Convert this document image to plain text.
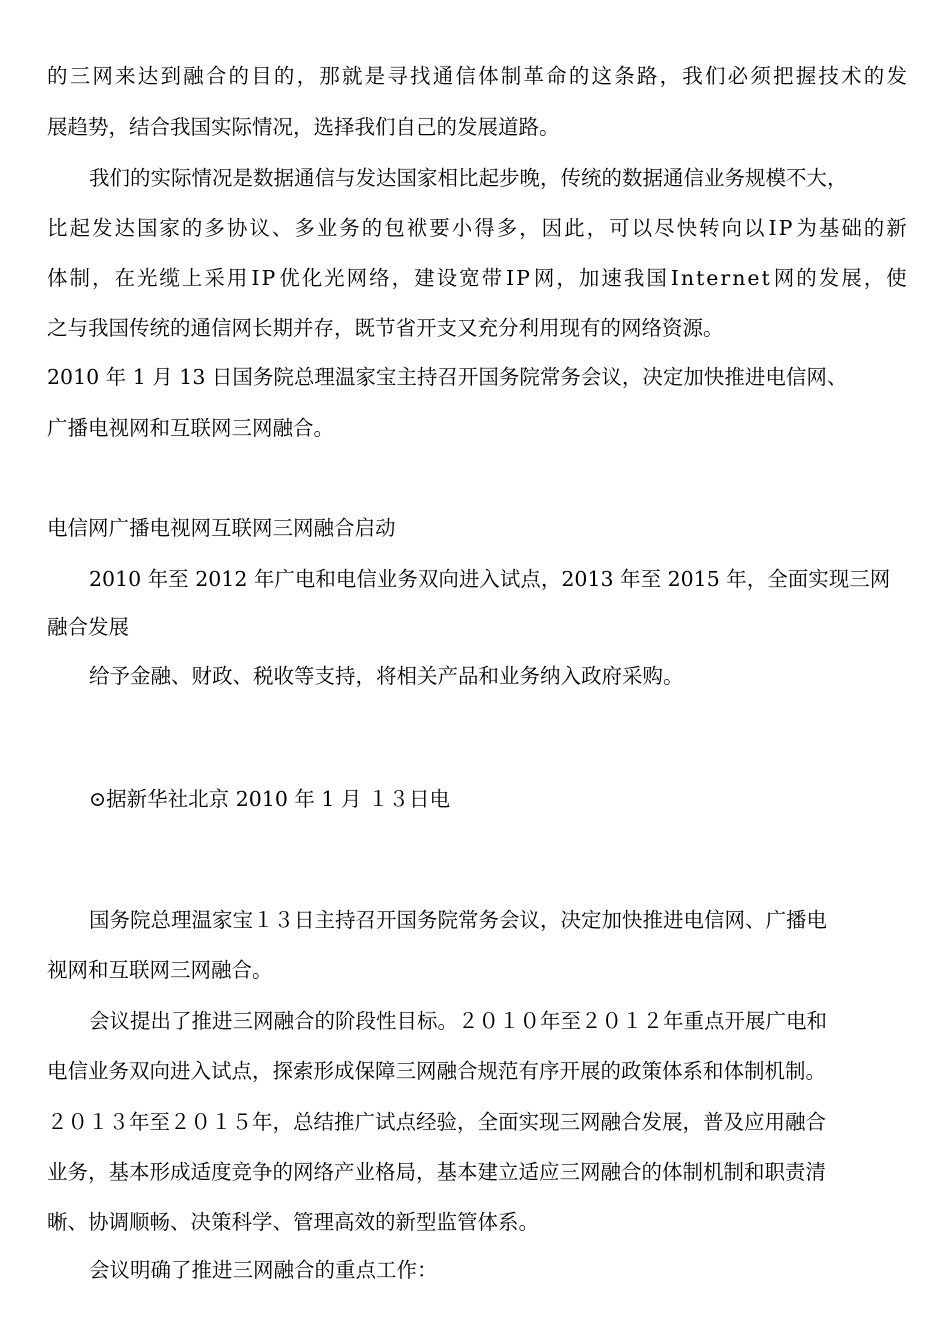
的 三 网 来 达 到 融 合 的 目 的 ， 那 就 是 寻 找 通 信 体 制 革 命 的 这 条 路 ， 我 们 必 须 把 握 技 术 的 发
展趋势，结合我国实际情况，选择我们自己的发展道路。
我们的实际情况是数据通信与发达国家相比起步晚，传统的数据通信业务规模不大，
比 起 发 达 国 家 的 多 协 议 、 多 业 务 的 包 袱 要 小 得 多 ， 因 此 ， 可 以 尽 快 转 向 以 I P 为 基 础 的 新
体 制 ， 在 光 缆 上 采 用 I P 优 化 光 网 络 ， 建 设 宽 带 I P 网 ， 加 速 我 国 I n t e r n e t 网 的 发 展 ， 使
之与我国传统的通信网长期并存，既节省开支又充分利用现有的网络资源。
2010 年 1 月 13 日国务院总理温家宝主持召开国务院常务会议，决定加快推进电信网、
广播电视网和互联网三网融合。
电信网广播电视网互联网三网融合启动
2010 年至 2012 年广电和电信业务双向进入试点，2013 年至 2015 年，全面实现三网
融合发展
给予金融、财政、税收等支持，将相关产品和业务纳入政府采购。
⊙据新华社北京 2010 年 1 月 １３日电
国务院总理温家宝１３日主持召开国务院常务会议，决定加快推进电信网、广播电
视网和互联网三网融合。
会议提出了推进三网融合的阶段性目标。２０１０年至２０１２年重点开展广电和
电信业务双向进入试点，探索形成保障三网融合规范有序开展的政策体系和体制机制。
２０１３年至２０１５年，总结推广试点经验，全面实现三网融合发展，普及应用融合
业务，基本形成适度竞争的网络产业格局，基本建立适应三网融合的体制机制和职责清
晰、协调顺畅、决策科学、管理高效的新型监管体系。
会议明确了推进三网融合的重点工作：
